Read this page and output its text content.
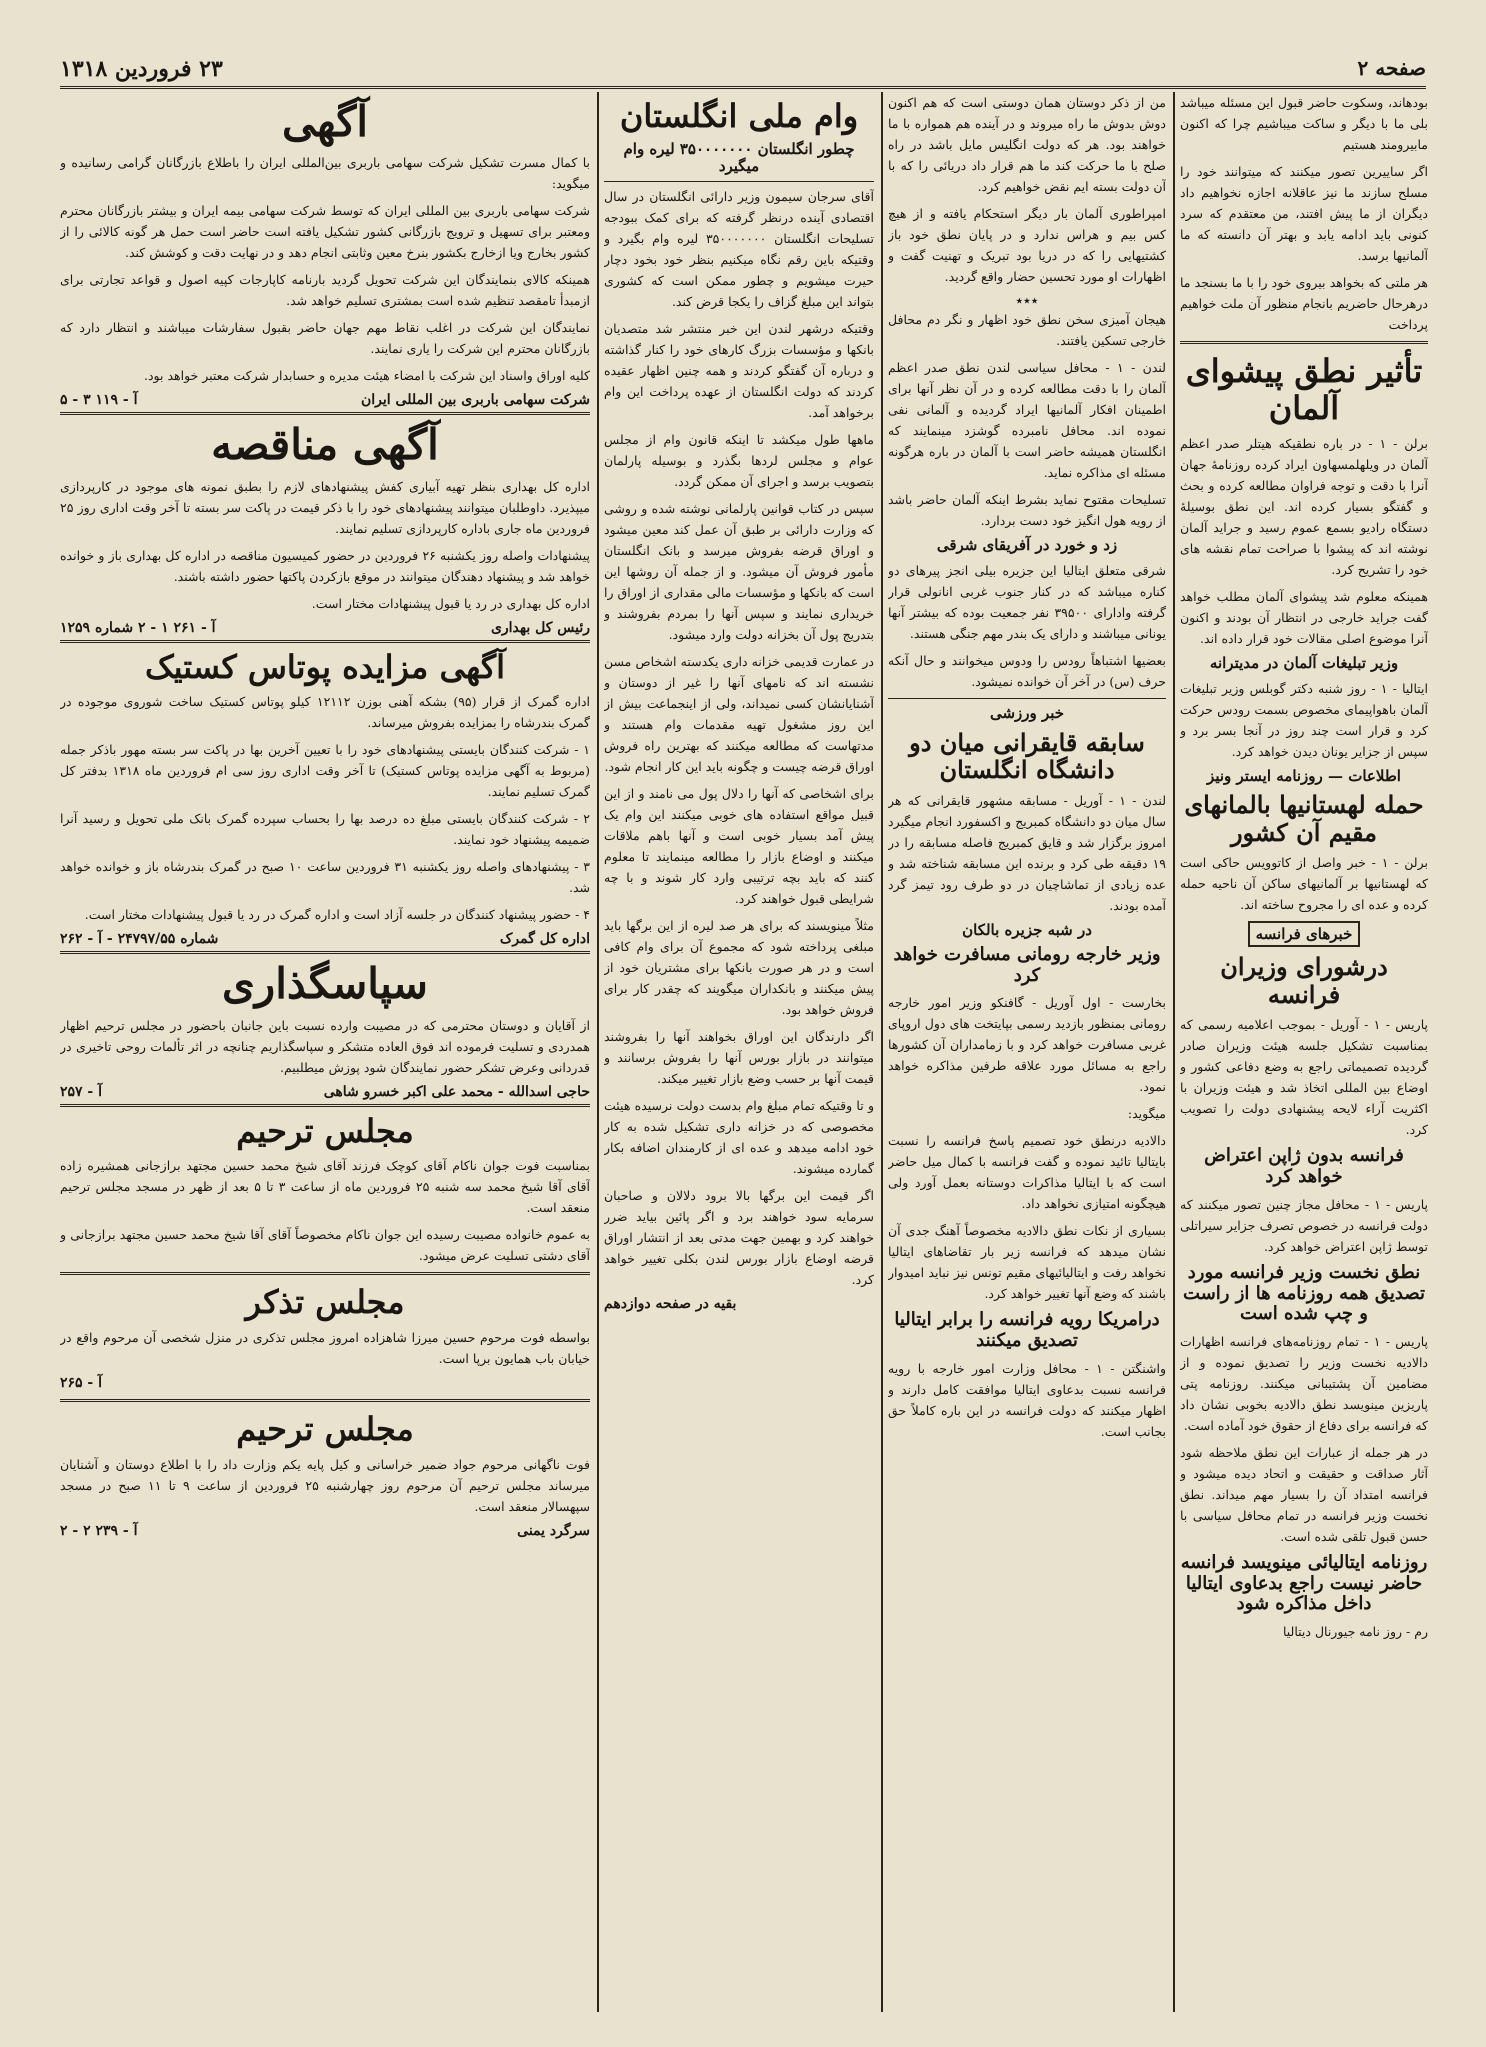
۲۳ فروردین ۱۳۱۸	صفحه ۲

بودهاند، وسکوت حاضر قبول این مسئله میباشد بلی ما با دیگر و ساکت میباشیم چرا که اکنون مابیرومند هستیم

اگر ساییرین تصور میکنند که میتوانند خود را مسلح سازند ما نیز عاقلانه اجازه نخواهیم داد دیگران از ما پیش افتند، من معتقدم که سرد کنونی باید ادامه یابد و بهتر آن دانسته که ما آلمانیها برسد.

هر ملتی که بخواهد بیروی خود را با ما بسنجد ما درهرحال حاضریم بانجام منظور آن ملت خواهیم پرداخت

تأثیر نطق پیشوای آلمان

برلن - ۱ - در باره نطقیکه هیتلر صدر اعظم آلمان در ویلهلمسهاون ایراد کرده روزنامهٔ جهان آنرا با دقت و توجه فراوان مطالعه کرده و بحث و گفتگو بسیار کرده اند. این نطق بوسیلهٔ دستگاه رادیو بسمع عموم رسید و جراید آلمان نوشته اند که پیشوا با صراحت تمام نقشه های خود را تشریح کرد.

همینکه معلوم شد پیشوای آلمان مطلب خواهد گفت جراید خارجی در انتظار آن بودند و اکنون آنرا موضوع اصلی مقالات خود قرار داده اند.

وزیر تبلیغات آلمان در مدیترانه

ایتالیا - ۱ - روز شنبه دکتر گوبلس وزیر تبلیغات آلمان باهواپیمای مخصوص بسمت رودس حرکت کرد و قرار است چند روز در آنجا بسر برد و سپس از جزایر یونان دیدن خواهد کرد.

اطلاعات — روزنامه ایستر ونیز
حمله لهستانیها بالمانهای مقیم آن کشور

برلن - ۱ - خبر واصل از کاتوویس حاکی است که لهستانیها بر آلمانیهای ساکن آن ناحیه حمله کرده و عده ای را مجروح ساخته اند.

خبرهای فرانسه
درشورای وزیران فرانسه

پاریس - ۱ - آوریل - بموجب اعلامیه رسمی که بمناسبت تشکیل جلسه هیئت وزیران صادر گردیده تصمیماتی راجع به وضع دفاعی کشور و اوضاع بین المللی اتخاذ شد و هیئت وزیران با اکثریت آراء لایحه پیشنهادی دولت را تصویب کرد.

فرانسه بدون ژاپن اعتراض خواهد کرد

پاریس - ۱ - محافل مجاز چنین تصور میکنند که دولت فرانسه در خصوص تصرف جزایر سیراتلی توسط ژاپن اعتراض خواهد کرد.

نطق نخست وزیر فرانسه مورد تصدیق همه روزنامه ها از راست و چپ شده است

پاریس - ۱ - تمام روزنامه‌های فرانسه اظهارات دالادیه نخست وزیر را تصدیق نموده و از مضامین آن پشتیبانی میکنند. روزنامه پتی پاریزین مینویسد نطق دالادیه بخوبی نشان داد که فرانسه برای دفاع از حقوق خود آماده است.

در هر جمله از عبارات این نطق ملاحظه شود آثار صداقت و حقیقت و اتحاد دیده میشود و فرانسه امتداد آن را بسیار مهم میداند. نطق نخست وزیر فرانسه در تمام محافل سیاسی با حسن قبول تلقی شده است.

روزنامه ایتالیائی مینویسد فرانسه حاضر نیست راجع بدعاوی ایتالیا داخل مذاکره شود

رم - روز نامه جیورنال دیتالیا

من از ذکر دوستان همان دوستی است که هم اکنون دوش بدوش ما راه میروند و در آینده هم همواره با ما خواهند بود. هر که دولت انگلیس مایل باشد در راه صلح با ما حرکت کند ما هم قرار داد دریائی را که با آن دولت بسته ایم نقض خواهیم کرد.

امپراطوری آلمان بار دیگر استحکام یافته و از هیچ کس بیم و هراس ندارد و در پایان نطق خود باز کشتیهایی را که در دریا بود تبریک و تهنیت گفت و اظهارات او مورد تحسین حضار واقع گردید.

٭٭٭

هیجان آمیزی سخن نطق خود اظهار و نگر دم محافل خارجی تسکین یافتند.

لندن - ۱ - محافل سیاسی لندن نطق صدر اعظم آلمان را با دقت مطالعه کرده و در آن نظر آنها برای اطمینان افکار آلمانیها ایراد گردیده و آلمانی نفی نموده اند. محافل نامبرده گوشزد مینمایند که انگلستان همیشه حاضر است با آلمان در باره هرگونه مسئله ای مذاکره نماید.

تسلیحات مقتوح نماید بشرط اینکه آلمان حاضر باشد از رویه هول انگیز خود دست بردارد.

زد و خورد در آفریقای شرقی

شرقی متعلق ایتالیا این جزیره بیلی انجز پیرهای دو کناره میباشد که در کنار جنوب غربی انانولی قرار گرفته وادارای ۳۹۵۰۰ نفر جمعیت بوده که بیشتر آنها یونانی میباشند و دارای یک بندر مهم جنگی هستند.

بعضیها اشتباهاً رودس را ودوس میخوانند و حال آنکه حرف (س) در آخر آن خوانده نمیشود.

خبر ورزشی
سابقه قایقرانی میان دو دانشگاه انگلستان

لندن - ۱ - آوریل - مسابقه مشهور قایقرانی که هر سال میان دو دانشگاه کمبریج و اکسفورد انجام میگیرد امروز برگزار شد و قایق کمبریج فاصله مسابقه را در ۱۹ دقیقه طی کرد و برنده این مسابقه شناخته شد و عده زیادی از تماشاچیان در دو طرف رود تیمز گرد آمده بودند.

در شبه جزیره بالکان
وزیر خارجه رومانی مسافرت خواهد کرد

بخارست - اول آوریل - گافنکو وزیر امور خارجه رومانی بمنظور بازدید رسمی بپایتخت های دول اروپای غربی مسافرت خواهد کرد و با زمامداران آن کشورها راجع به مسائل مورد علاقه طرفین مذاکره خواهد نمود.

میگوید:

دالادیه درنطق خود تصمیم پاسخ فرانسه را نسبت بایتالیا تائید نموده و گفت فرانسه با کمال میل حاضر است که با ایتالیا مذاکرات دوستانه بعمل آورد ولی هیچگونه امتیازی نخواهد داد.

بسیاری از نکات نطق دالادیه مخصوصاً آهنگ جدی آن نشان میدهد که فرانسه زیر بار تقاضاهای ایتالیا نخواهد رفت و ایتالیائیهای مقیم تونس نیز نباید امیدوار باشند که وضع آنها تغییر خواهد کرد.

درامریکا رویه فرانسه را برابر ایتالیا تصدیق میکنند

واشنگتن - ۱ - محافل وزارت امور خارجه با رویه فرانسه نسبت بدعاوی ایتالیا موافقت کامل دارند و اظهار میکنند که دولت فرانسه در این باره کاملاً حق بجانب است.

وام ملی انگلستان
چطور انگلستان ۳۵۰۰۰۰۰۰۰ لیره وام میگیرد

آقای سرجان سیمون وزیر دارائی انگلستان در سال اقتصادی آینده درنظر گرفته که برای کمک ببودجه تسلیحات انگلستان ۳۵۰۰۰۰۰۰۰ لیره وام بگیرد و وقتیکه باین رقم نگاه میکنیم بنظر خود بخود دچار حیرت میشویم و چطور ممکن است که کشوری بتواند این مبلغ گزاف را یکجا قرض کند.

وقتیکه درشهر لندن این خبر منتشر شد متصدیان بانکها و مؤسسات بزرگ کارهای خود را کنار گذاشته و درباره آن گفتگو کردند و همه چنین اظهار عقیده کردند که دولت انگلستان از عهده پرداخت این وام برخواهد آمد.

ماهها طول میکشد تا اینکه قانون وام از مجلس عوام و مجلس لردها بگذرد و بوسیله پارلمان بتصویب برسد و اجرای آن ممکن گردد.

سپس در کتاب قوانین پارلمانی نوشته شده و روشی که وزارت دارائی بر طبق آن عمل کند معین میشود و اوراق قرضه بفروش میرسد و بانک انگلستان مأمور فروش آن میشود. و از جمله آن روشها این است که بانکها و مؤسسات مالی مقداری از اوراق را خریداری نمایند و سپس آنها را بمردم بفروشند و بتدریج پول آن بخزانه دولت وارد میشود.

در عمارت قدیمی خزانه داری یکدسته اشخاص مسن نشسته اند که نامهای آنها را غیر از دوستان و آشنایانشان کسی نمیداند، ولی از اینجماعت بیش از این روز مشغول تهیه مقدمات وام هستند و مدتهاست که مطالعه میکنند که بهترین راه فروش اوراق قرضه چیست و چگونه باید این کار انجام شود.

برای اشخاصی که آنها را دلال پول می نامند و از این قبیل مواقع استفاده های خوبی میکنند این وام یک پیش آمد بسیار خوبی است و آنها باهم ملاقات میکنند و اوضاع بازار را مطالعه مینمایند تا معلوم کنند که باید بچه ترتیبی وارد کار شوند و با چه شرایطی قبول خواهند کرد.

مثلاً مینویسند که برای هر صد لیره از این برگها باید مبلغی پرداخته شود که مجموع آن برای وام کافی است و در هر صورت بانکها برای مشتریان خود از پیش میکنند و بانکداران میگویند که چقدر کار برای فروش خواهد بود.

اگر دارندگان این اوراق بخواهند آنها را بفروشند میتوانند در بازار بورس آنها را بفروش برسانند و قیمت آنها بر حسب وضع بازار تغییر میکند.

و تا وقتیکه تمام مبلغ وام بدست دولت نرسیده هیئت مخصوصی که در خزانه داری تشکیل شده به کار خود ادامه میدهد و عده ای از کارمندان اضافه بکار گمارده میشوند.

اگر قیمت این برگها بالا برود دلالان و صاحبان سرمایه سود خواهند برد و اگر پائین بیاید ضرر خواهند کرد و بهمین جهت مدتی بعد از انتشار اوراق قرضه اوضاع بازار بورس لندن بکلی تغییر خواهد کرد.

بقیه در صفحه دوازدهم
آگهی

با کمال مسرت تشکیل شرکت سهامی باربری بین‌المللی ایران را باطلاع بازرگانان گرامی رسانیده و میگوید:

شرکت سهامی باربری بین المللی ایران که توسط شرکت سهامی بیمه ایران و بیشتر بازرگانان محترم ومعتبر برای تسهیل و ترویج بازرگانی کشور تشکیل یافته است حاضر است حمل هر گونه کالائی را از کشور بخارج ویا ازخارج بکشور بنرخ معین وثابتی انجام دهد و در نهایت دقت و کوشش کند.

همینکه کالای بنمایندگان این شرکت تحویل گردید بارنامه کاپارجات کپیه اصول و قواعد تجارتی برای ازمبدأ تامقصد تنظیم شده است بمشتری تسلیم خواهد شد.

نمایندگان این شرکت در اغلب نقاط مهم جهان حاضر بقبول سفارشات میباشند و انتظار دارد که بازرگانان محترم این شرکت را یاری نمایند.

کلیه اوراق واسناد این شرکت با امضاء هیئت مدیره و حسابدار شرکت معتبر خواهد بود.

شرکت سهامی باربری بین المللی ایران
آ - ۱۱۹ ۳ - ۵
آگهی مناقصه

اداره کل بهداری بنظر تهیه آبیاری کفش پیشنهادهای لازم را بطبق نمونه های موجود در کارپردازی میپذیرد. داوطلبان میتوانند پیشنهادهای خود را با ذکر قیمت در پاکت سر بسته تا آخر وقت اداری روز ۲۵ فروردین ماه جاری باداره کارپردازی تسلیم نمایند.

پیشنهادات واصله روز یکشنبه ۲۶ فروردین در حضور کمیسیون مناقصه در اداره کل بهداری باز و خوانده خواهد شد و پیشنهاد دهندگان میتوانند در موقع بازکردن پاکتها حضور داشته باشند.

اداره کل بهداری در رد یا قبول پیشنهادات مختار است.

رئیس کل بهداری
آ - ۲۶۱ ۱ - ۲ شماره ۱۲۵۹
آگهی مزایده پوتاس کستیک

اداره گمرک از قرار (۹۵) بشکه آهنی بوزن ۱۲۱۱۲ کیلو پوتاس کستیک ساخت شوروی موجوده در گمرک بندرشاه را بمزایده بفروش میرساند.

۱ - شرکت کنندگان بایستی پیشنهادهای خود را با تعیین آخرین بها در پاکت سر بسته مهور باذکر جمله (مربوط به آگهی مزایده پوتاس کستیک) تا آخر وقت اداری روز سی ام فروردین ماه ۱۳۱۸ بدفتر کل گمرک تسلیم نمایند.

۲ - شرکت کنندگان بایستی مبلغ ده درصد بها را بحساب سپرده گمرک بانک ملی تحویل و رسید آنرا ضمیمه پیشنهاد خود نمایند.

۳ - پیشنهادهای واصله روز یکشنبه ۳۱ فروردین ساعت ۱۰ صبح در گمرک بندرشاه باز و خوانده خواهد شد.

۴ - حضور پیشنهاد کنندگان در جلسه آزاد است و اداره گمرک در رد یا قبول پیشنهادات مختار است.

اداره کل گمرک
شماره ۲۴۷۹۷/۵۵ - آ - ۲۶۲
سپاسگذاری

از آقایان و دوستان محترمی که در مصیبت وارده نسبت باین جانبان باحضور در مجلس ترحیم اظهار همدردی و تسلیت فرموده اند فوق العاده متشکر و سپاسگذاریم چنانچه در اثر تألمات روحی تاخیری در قدردانی وعرض تشکر حضور نمایندگان شود پوزش میطلبیم.

حاجی اسدالله - محمد علی اکبر خسرو شاهی
آ - ۲۵۷
مجلس ترحیم

بمناسبت فوت جوان ناکام آقای کوچک فرزند آقای شیخ محمد حسین مجتهد برازجانی همشیره زاده آقای آقا شیخ محمد سه شنبه ۲۵ فروردین ماه از ساعت ۳ تا ۵ بعد از ظهر در مسجد مجلس ترحیم منعقد است.

به عموم خانواده مصیبت رسیده این جوان ناکام مخصوصاً آقای آقا شیخ محمد حسین مجتهد برازجانی و آقای دشتی تسلیت عرض میشود.

مجلس تذکر

بواسطه فوت مرحوم حسین میرزا شاهزاده امروز مجلس تذکری در منزل شخصی آن مرحوم واقع در خیابان باب همایون برپا است.

آ - ۲۶۵
مجلس ترحیم

فوت ناگهانی مرحوم جواد ضمیر خراسانی و کیل پایه یکم وزارت داد را با اطلاع دوستان و آشنایان میرساند مجلس ترحیم آن مرحوم روز چهارشنبه ۲۵ فروردین از ساعت ۹ تا ۱۱ صبح در مسجد سپهسالار منعقد است.

سرگرد یمنی
آ - ۲۳۹ ۲ - ۲
